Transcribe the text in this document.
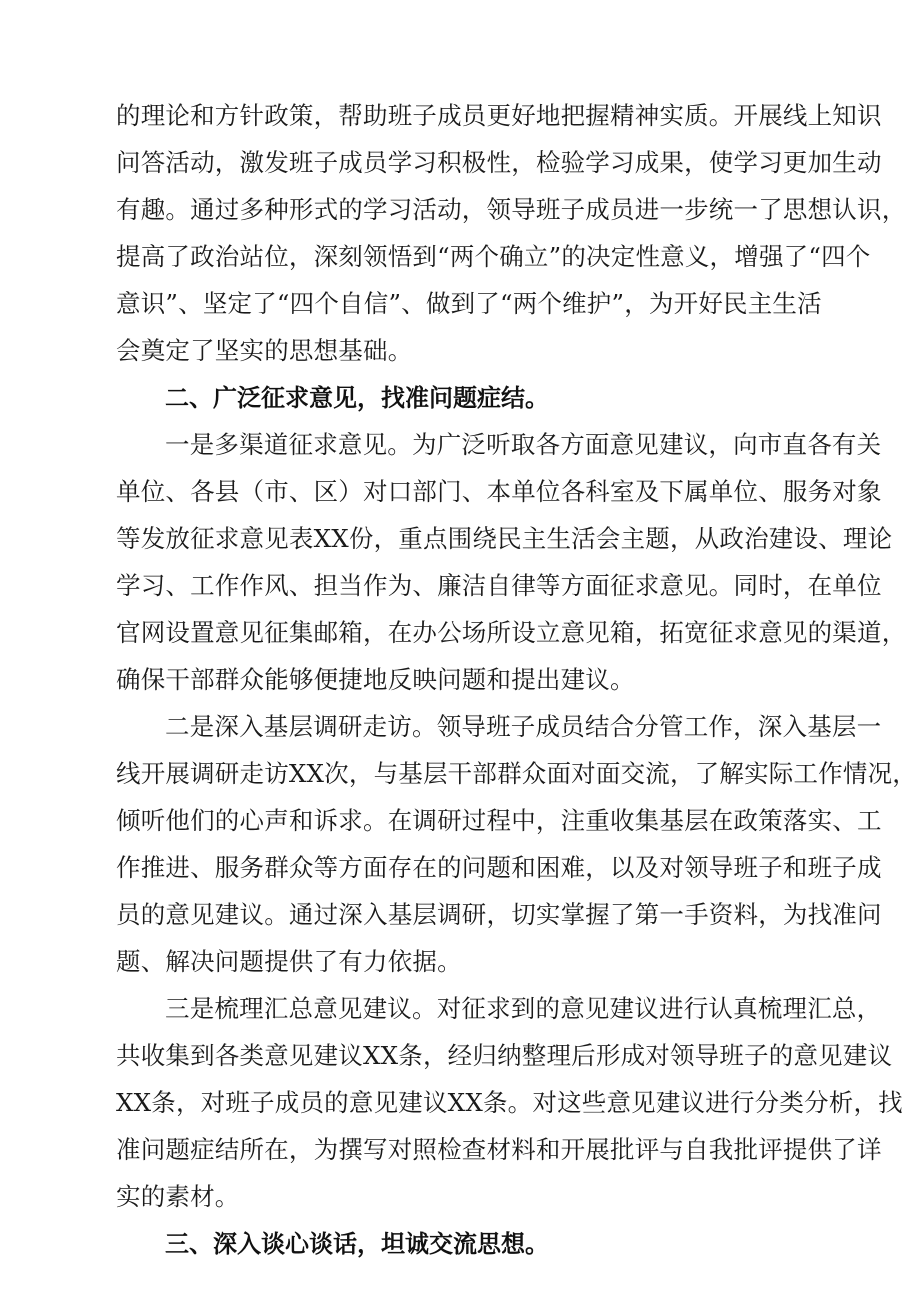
的理论和方针政策，帮助班子成员更好地把握精神实质。开展线上知识
问答活动，激发班子成员学习积极性，检验学习成果，使学习更加生动
有趣。通过多种形式的学习活动，领导班子成员进一步统一了思想认识，
提高了政治站位，深刻领悟到“两个确立”的决定性意义，增强了“四个
意识”、坚定了“四个自信”、做到了“两个维护”，为开好民主生活
会奠定了坚实的思想基础。
二、广泛征求意见，找准问题症结。
一是多渠道征求意见。为广泛听取各方面意见建议，向市直各有关
单位、各县（市、区）对口部门、本单位各科室及下属单位、服务对象
等发放征求意见表XX份，重点围绕民主生活会主题，从政治建设、理论
学习、工作作风、担当作为、廉洁自律等方面征求意见。同时，在单位
官网设置意见征集邮箱，在办公场所设立意见箱，拓宽征求意见的渠道，
确保干部群众能够便捷地反映问题和提出建议。
二是深入基层调研走访。领导班子成员结合分管工作，深入基层一
线开展调研走访XX次，与基层干部群众面对面交流，了解实际工作情况，
倾听他们的心声和诉求。在调研过程中，注重收集基层在政策落实、工
作推进、服务群众等方面存在的问题和困难，以及对领导班子和班子成
员的意见建议。通过深入基层调研，切实掌握了第一手资料，为找准问
题、解决问题提供了有力依据。
三是梳理汇总意见建议。对征求到的意见建议进行认真梳理汇总，
共收集到各类意见建议XX条，经归纳整理后形成对领导班子的意见建议
XX条，对班子成员的意见建议XX条。对这些意见建议进行分类分析，找
准问题症结所在，为撰写对照检查材料和开展批评与自我批评提供了详
实的素材。
三、深入谈心谈话，坦诚交流思想。
